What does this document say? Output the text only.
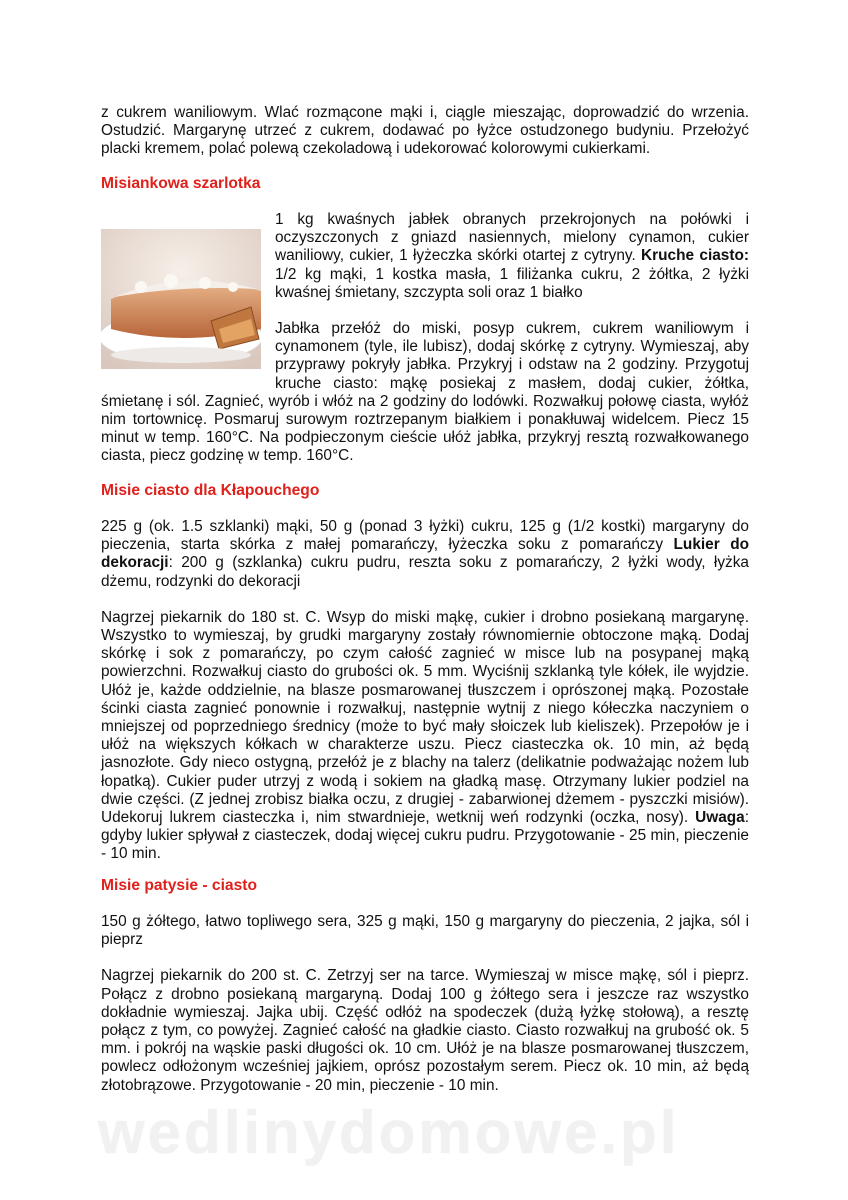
z cukrem waniliowym. Wlać rozmącone mąki i, ciągle mieszając, doprowadzić do wrzenia. Ostudzić. Margarynę utrzeć z cukrem, dodawać po łyżce ostudzonego budyniu. Przełożyć placki kremem, polać polewą czekoladową i udekorować kolorowymi cukierkami.

Misiankowa szarlotka

1 kg kwaśnych jabłek obranych przekrojonych na połówki i oczyszczonych z gniazd nasiennych, mielony cynamon, cukier waniliowy, cukier, 1 łyżeczka skórki otartej z cytryny. Kruche ciasto: 1/2 kg mąki, 1 kostka masła, 1 filiżanka cukru, 2 żółtka, 2 łyżki kwaśnej śmietany, szczypta soli oraz 1 białko

Jabłka przełóż do miski, posyp cukrem, cukrem waniliowym i cynamonem (tyle, ile lubisz), dodaj skórkę z cytryny. Wymieszaj, aby przyprawy pokryły jabłka. Przykryj i odstaw na 2 godziny. Przygotuj kruche ciasto: mąkę posiekaj z masłem, dodaj cukier, żółtka, śmietanę i sól. Zagnieć, wyrób i włóż na 2 godziny do lodówki. Rozwałkuj połowę ciasta, wyłóż nim tortownicę. Posmaruj surowym roztrzepanym białkiem i ponakłuwaj widelcem. Piecz 15 minut w temp. 160°C. Na podpieczonym cieście ułóż jabłka, przykryj resztą rozwałkowanego ciasta, piecz godzinę w temp. 160°C.

Misie ciasto dla Kłapouchego

225 g (ok. 1.5 szklanki) mąki, 50 g (ponad 3 łyżki) cukru, 125 g (1/2 kostki) margaryny do pieczenia, starta skórka z małej pomarańczy, łyżeczka soku z pomarańczy Lukier do dekoracji: 200 g (szklanka) cukru pudru, reszta soku z pomarańczy, 2 łyżki wody, łyżka dżemu, rodzynki do dekoracji

Nagrzej piekarnik do 180 st. C. Wsyp do miski mąkę, cukier i drobno posiekaną margarynę. Wszystko to wymieszaj, by grudki margaryny zostały równomiernie obtoczone mąką. Dodaj skórkę i sok z pomarańczy, po czym całość zagnieć w misce lub na posypanej mąką powierzchni. Rozwałkuj ciasto do grubości ok. 5 mm. Wyciśnij szklanką tyle kółek, ile wyjdzie. Ułóż je, każde oddzielnie, na blasze posmarowanej tłuszczem i oprószonej mąką. Pozostałe ścinki ciasta zagnieć ponownie i rozwałkuj, następnie wytnij z niego kółeczka naczyniem o mniejszej od poprzedniego średnicy (może to być mały słoiczek lub kieliszek). Przepołów je i ułóż na większych kółkach w charakterze uszu. Piecz ciasteczka ok. 10 min, aż będą jasnozłote. Gdy nieco ostygną, przełóż je z blachy na talerz (delikatnie podważając nożem lub łopatką). Cukier puder utrzyj z wodą i sokiem na gładką masę. Otrzymany lukier podziel na dwie części. (Z jednej zrobisz białka oczu, z drugiej - zabarwionej dżemem - pyszczki misiów). Udekoruj lukrem ciasteczka i, nim stwardnieje, wetknij weń rodzynki (oczka, nosy). Uwaga: gdyby lukier spływał z ciasteczek, dodaj więcej cukru pudru. Przygotowanie - 25 min, pieczenie - 10 min.

Misie patysie - ciasto

150 g żółtego, łatwo topliwego sera, 325 g mąki, 150 g margaryny do pieczenia, 2 jajka, sól i pieprz

Nagrzej piekarnik do 200 st. C. Zetrzyj ser na tarce. Wymieszaj w misce mąkę, sól i pieprz. Połącz z drobno posiekaną margaryną. Dodaj 100 g żółtego sera i jeszcze raz wszystko dokładnie wymieszaj. Jajka ubij. Część odłóż na spodeczek (dużą łyżkę stołową), a resztę połącz z tym, co powyżej. Zagnieć całość na gładkie ciasto. Ciasto rozwałkuj na grubość ok. 5 mm. i pokrój na wąskie paski długości ok. 10 cm. Ułóż je na blasze posmarowanej tłuszczem, powlecz odłożonym wcześniej jajkiem, oprósz pozostałym serem. Piecz ok. 10 min, aż będą złotobrązowe. Przygotowanie - 20 min, pieczenie - 10 min.

wedlinydomowe.pl
